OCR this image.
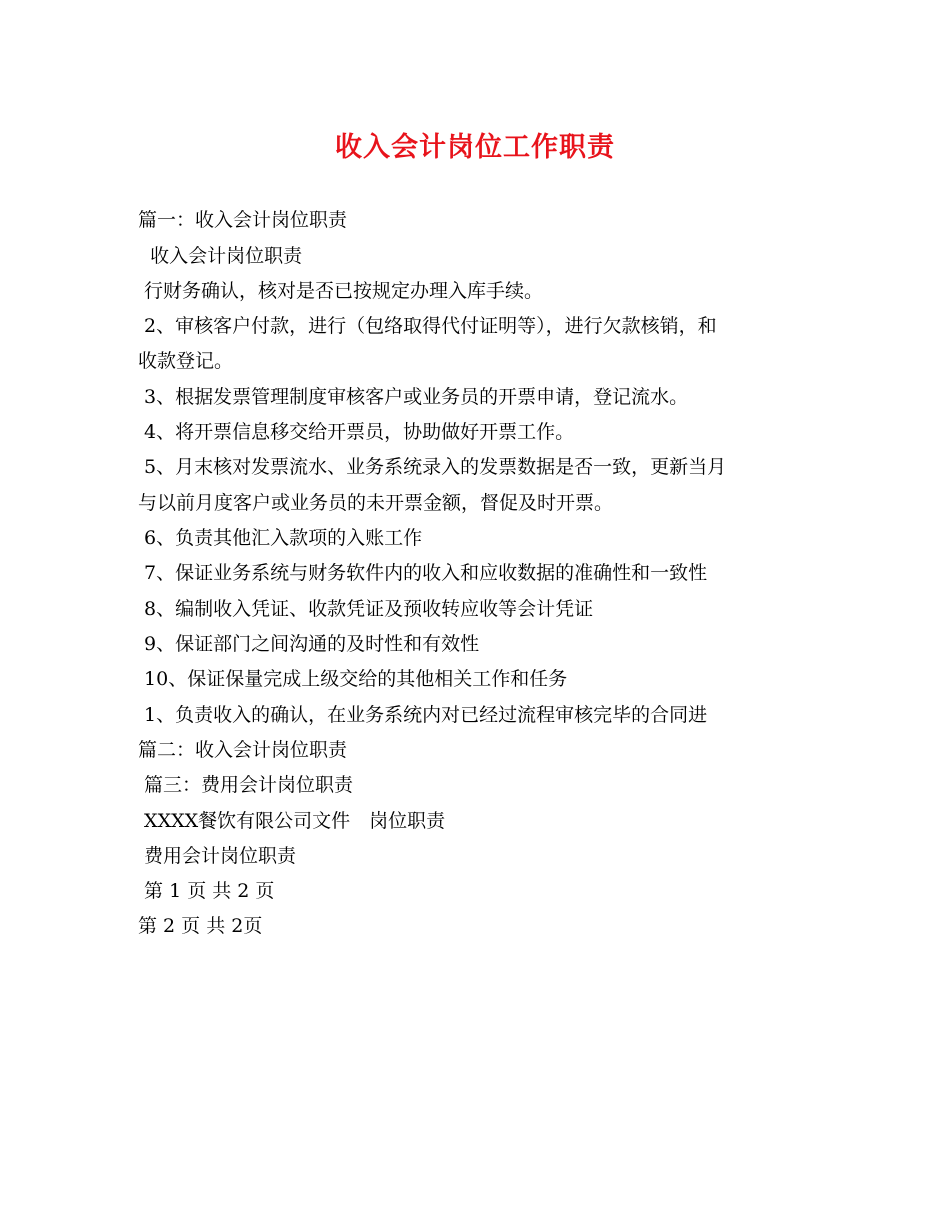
收入会计岗位工作职责
篇一：收入会计岗位职责
收入会计岗位职责
行财务确认，核对是否已按规定办理入库手续。
2、审核客户付款，进行（包络取得代付证明等），进行欠款核销，和
收款登记。
3、根据发票管理制度审核客户或业务员的开票申请，登记流水。
4、将开票信息移交给开票员，协助做好开票工作。
5、月末核对发票流水、业务系统录入的发票数据是否一致，更新当月
与以前月度客户或业务员的未开票金额，督促及时开票。
6、负责其他汇入款项的入账工作
7、保证业务系统与财务软件内的收入和应收数据的准确性和一致性
8、编制收入凭证、收款凭证及预收转应收等会计凭证
9、保证部门之间沟通的及时性和有效性
10、保证保量完成上级交给的其他相关工作和任务
1、负责收入的确认，在业务系统内对已经过流程审核完毕的合同进
篇二：收入会计岗位职责
篇三：费用会计岗位职责
XXXX餐饮有限公司文件　岗位职责
费用会计岗位职责
第 1 页 共 2 页
第 2 页 共 2页
